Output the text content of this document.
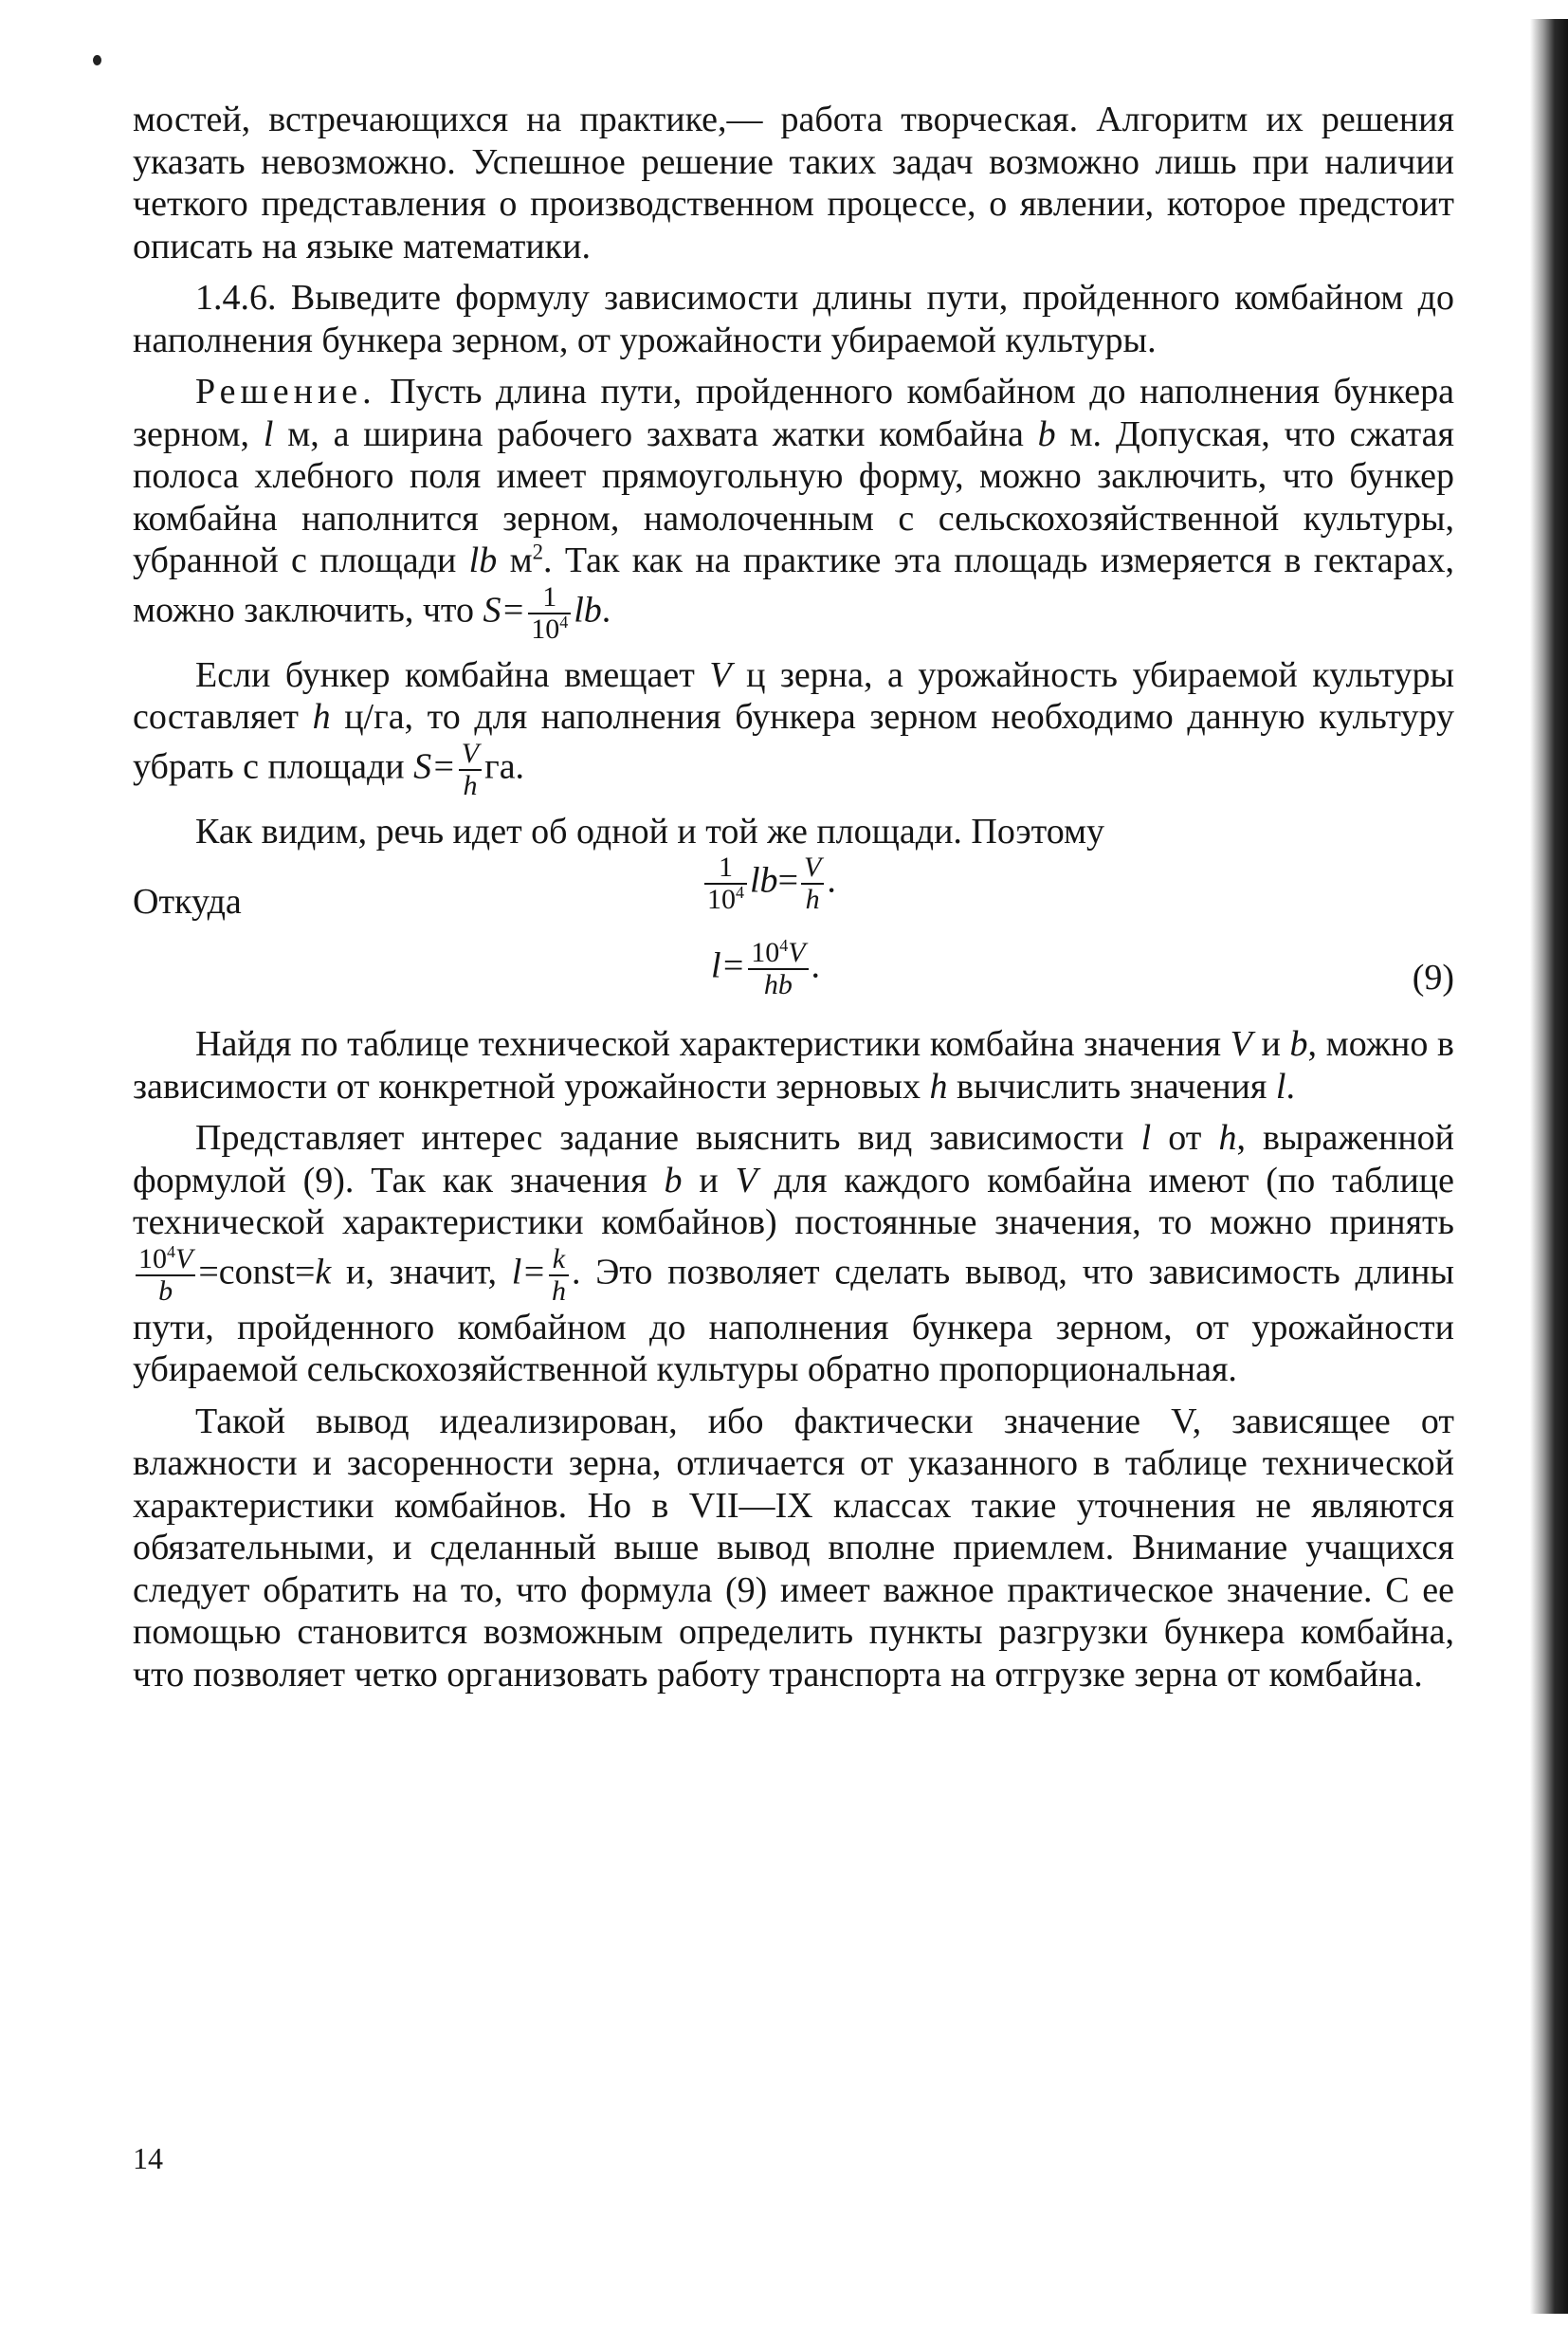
мостей, встречающихся на практике,— работа творческая. Алгоритм их решения указать невозможно. Успешное решение таких задач возможно лишь при наличии четкого представления о производственном процессе, о явлении, которое предстоит описать на языке математики.

1.4.6. Выведите формулу зависимости длины пути, пройденного комбайном до наполнения бункера зерном, от урожайности убираемой культуры.

Решение. Пусть длина пути, пройденного комбайном до наполнения бункера зерном, l м, а ширина рабочего захвата жатки комбайна b м. Допуская, что сжатая полоса хлебного поля имеет прямоугольную форму, можно заключить, что бункер комбайна наполнится зерном, намолоченным с сельскохозяйственной культуры, убранной с площади lb $м^2$. Так как на практике эта площадь измеряется в гектарах, можно заключить, что $S= \frac{1}{10^4}$ lb.

Если бункер комбайна вмещает V ц зерна, а урожайность убираемой культуры составляет h ц/га, то для наполнения бункера зерном необходимо данную культуру убрать с площади $S= \frac{V}{h}$ га.

Как видим, речь идет об одной и той же площади. Поэтому

$\frac{1}{10^4} lb= \frac{V}{h}$ .
Откуда
$l= \frac{10^4V}{hb}$ .	(9)

Найдя по таблице технической характеристики комбайна значения V и b, можно в зависимости от конкретной урожайности зерновых h вычислить значения l.

Представляет интерес задание выяснить вид зависимости l от h, выраженной формулой (9). Так как значения b и V для каждого комбайна имеют (по таблице технической характеристики комбайнов) постоянные значения, то можно принять
$\frac{10^4V}{b}$ =const=k и, значит, $l= \frac{k}{h}$ . Это позволяет сделать вывод, что зависимость длины пути, пройденного комбайном до наполнения бункера зерном, от урожайности убираемой сельскохозяйственной культуры обратно пропорциональная.

Такой вывод идеализирован, ибо фактически значение V, зависящее от влажности и засоренности зерна, отличается от указанного в таблице технической характеристики комбайнов. Но в VII—IX классах такие уточнения не являются обязательными, и сделанный выше вывод вполне приемлем. Внимание учащихся следует обратить на то, что формула (9) имеет важное практическое значение. С ее помощью становится возможным определить пункты разгрузки бункера комбайна, что позволяет четко организовать работу транспорта на отгрузке зерна от комбайна.

14
